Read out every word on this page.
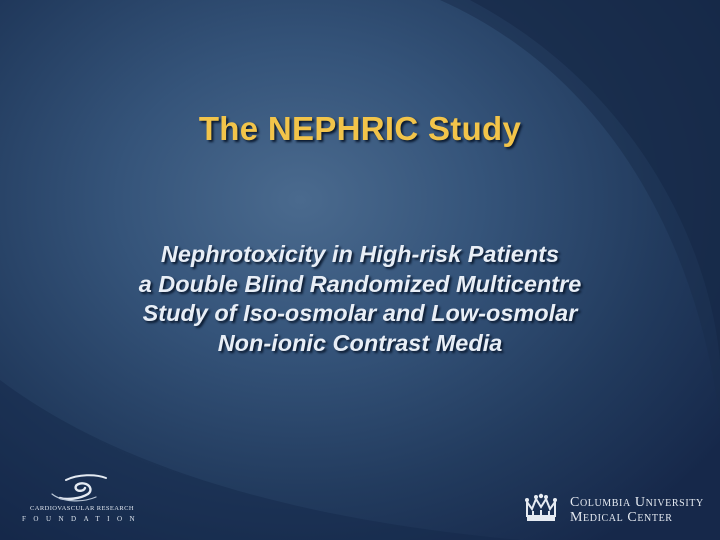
The NEPHRIC Study
Nephrotoxicity in High-risk Patients
a Double Blind Randomized Multicentre
Study of Iso-osmolar and Low-osmolar
Non-ionic Contrast Media
CARDIOVASCULAR RESEARCH
FOUNDATION
Columbia University
Medical Center
